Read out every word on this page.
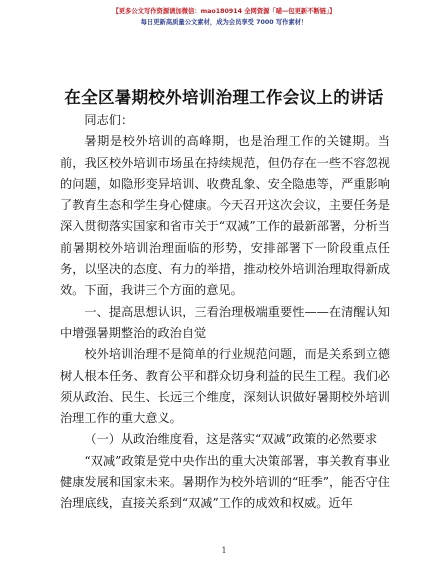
【更多公文写作资源请加微信：mao180914 全网资源「喵—包更新不断链」】
每日更新高质量公文素材，成为会员享受 7000 写作素材！
在全区暑期校外培训治理工作会议上的讲话

同志们：

暑期是校外培训的高峰期，也是治理工作的关键期。当前，我区校外培训市场虽在持续规范，但仍存在一些不容忽视的问题，如隐形变异培训、收费乱象、安全隐患等，严重影响了教育生态和学生身心健康。今天召开这次会议，主要任务是深入贯彻落实国家和省市关于“双减”工作的最新部署，分析当前暑期校外培训治理面临的形势，安排部署下一阶段重点任务，以坚决的态度、有力的举措，推动校外培训治理取得新成效。下面，我讲三个方面的意见。

一、提高思想认识，三看治理极端重要性——在清醒认知中增强暑期整治的政治自觉

校外培训治理不是简单的行业规范问题，而是关系到立德树人根本任务、教育公平和群众切身利益的民生工程。我们必须从政治、民生、长远三个维度，深刻认识做好暑期校外培训治理工作的重大意义。

（一）从政治维度看，这是落实“双减”政策的必然要求

“双减”政策是党中央作出的重大决策部署，事关教育事业健康发展和国家未来。暑期作为校外培训的“旺季”，能否守住治理底线，直接关系到“双减”工作的成效和权威。近年

1
